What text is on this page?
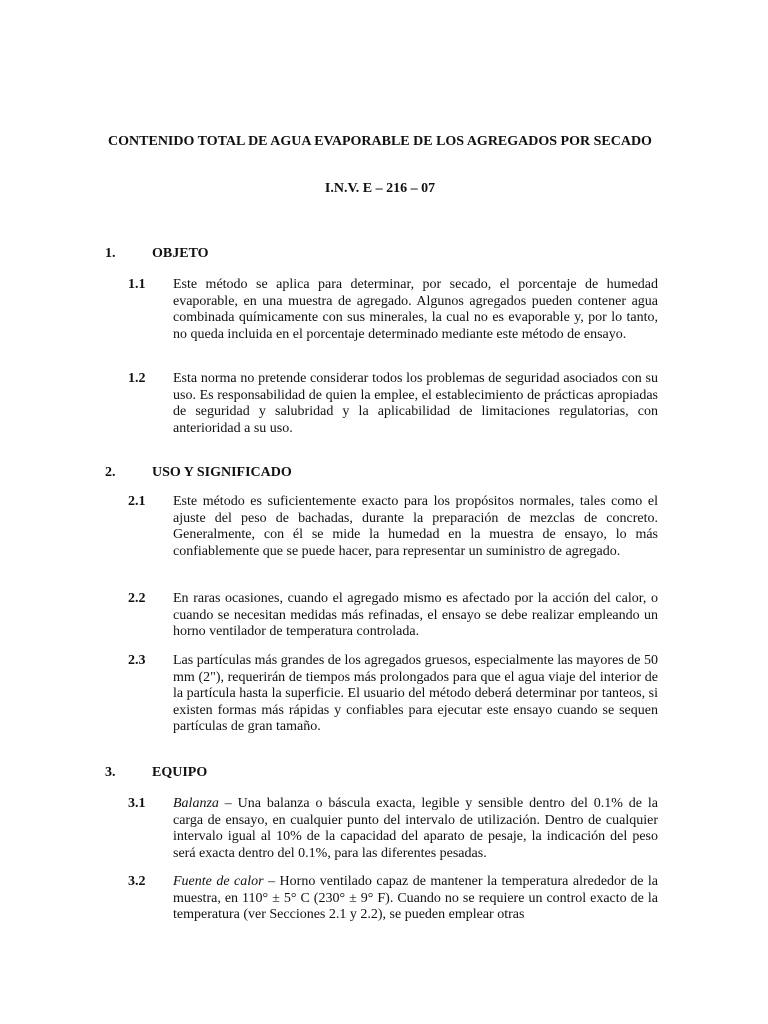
CONTENIDO TOTAL DE AGUA EVAPORABLE DE LOS AGREGADOS POR SECADO
I.N.V. E – 216 – 07
1.	OBJETO
1.1 Este método se aplica para determinar, por secado, el porcentaje de humedad evaporable, en una muestra de agregado. Algunos agregados pueden contener agua combinada químicamente con sus minerales, la cual no es evaporable y, por lo tanto, no queda incluida en el porcentaje determinado mediante este método de ensayo.
1.2 Esta norma no pretende considerar todos los problemas de seguridad asociados con su uso. Es responsabilidad de quien la emplee, el establecimiento de prácticas apropiadas de seguridad y salubridad y la aplicabilidad de limitaciones regulatorias, con anterioridad a su uso.
2.	USO Y SIGNIFICADO
2.1 Este método es suficientemente exacto para los propósitos normales, tales como el ajuste del peso de bachadas, durante la preparación de mezclas de concreto. Generalmente, con él se mide la humedad en la muestra de ensayo, lo más confiablemente que se puede hacer, para representar un suministro de agregado.
2.2 En raras ocasiones, cuando el agregado mismo es afectado por la acción del calor, o cuando se necesitan medidas más refinadas, el ensayo se debe realizar empleando un horno ventilador de temperatura controlada.
2.3 Las partículas más grandes de los agregados gruesos, especialmente las mayores de 50 mm (2"), requerirán de tiempos más prolongados para que el agua viaje del interior de la partícula hasta la superficie. El usuario del método deberá determinar por tanteos, si existen formas más rápidas y confiables para ejecutar este ensayo cuando se sequen partículas de gran tamaño.
3.	EQUIPO
3.1 Balanza – Una balanza o báscula exacta, legible y sensible dentro del 0.1% de la carga de ensayo, en cualquier punto del intervalo de utilización. Dentro de cualquier intervalo igual al 10% de la capacidad del aparato de pesaje, la indicación del peso será exacta dentro del 0.1%, para las diferentes pesadas.
3.2 Fuente de calor – Horno ventilado capaz de mantener la temperatura alrededor de la muestra, en 110° ± 5° C (230° ± 9° F). Cuando no se requiere un control exacto de la temperatura (ver Secciones 2.1 y 2.2), se pueden emplear otras
